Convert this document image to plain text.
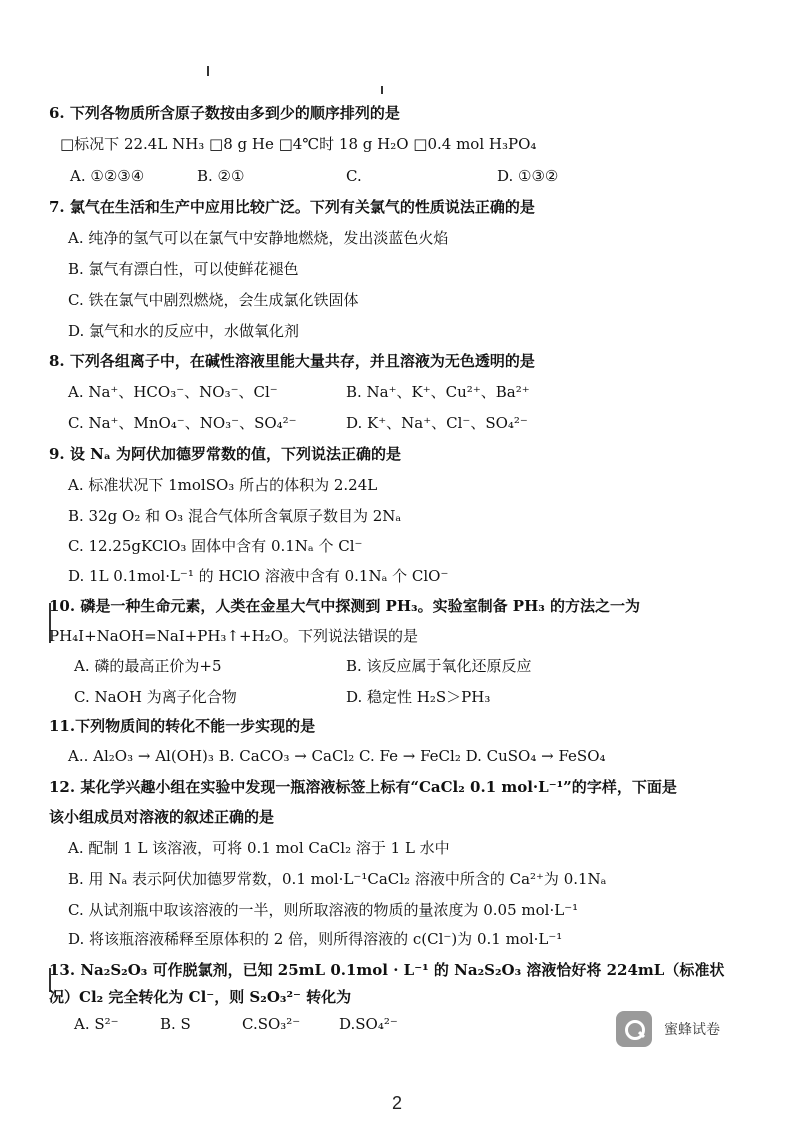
6. 下列各物质所含原子数按由多到少的顺序排列的是
□标况下 22.4L NH₃ □8 g He □4℃时 18 g H₂O □0.4 mol H₃PO₄
A. ①②③④	B. ②①	C.	D. ①③②
7. 氯气在生活和生产中应用比较广泛。下列有关氯气的性质说法正确的是
A. 纯净的氢气可以在氯气中安静地燃烧，发出淡蓝色火焰
B. 氯气有漂白性，可以使鲜花褪色
C. 铁在氯气中剧烈燃烧，会生成氯化铁固体
D. 氯气和水的反应中，水做氧化剂
8. 下列各组离子中，在碱性溶液里能大量共存，并且溶液为无色透明的是
A. Na⁺、HCO₃⁻、NO₃⁻、Cl⁻	B. Na⁺、K⁺、Cu²⁺、Ba²⁺
C. Na⁺、MnO₄⁻、NO₃⁻、SO₄²⁻	D. K⁺、Na⁺、Cl⁻、SO₄²⁻
9. 设 Nₐ 为阿伏加德罗常数的值，下列说法正确的是
A. 标准状况下 1molSO₃ 所占的体积为 2.24L
B. 32g O₂ 和 O₃ 混合气体所含氧原子数目为 2Nₐ
C. 12.25gKClO₃ 固体中含有 0.1Nₐ 个 Cl⁻
D. 1L 0.1mol·L⁻¹ 的 HClO 溶液中含有 0.1Nₐ 个 ClO⁻
10. 磷是一种生命元素，人类在金星大气中探测到 PH₃。实验室制备 PH₃ 的方法之一为
PH₄I+NaOH=NaI+PH₃↑+H₂O。下列说法错误的是
A. 磷的最高正价为+5	B. 该反应属于氧化还原反应
C. NaOH 为离子化合物	D. 稳定性 H₂S＞PH₃
11.下列物质间的转化不能一步实现的是
A.. Al₂O₃ → Al(OH)₃ B. CaCO₃ → CaCl₂ C. Fe → FeCl₂ D. CuSO₄ → FeSO₄
12. 某化学兴趣小组在实验中发现一瓶溶液标签上标有“CaCl₂ 0.1 mol·L⁻¹”的字样，下面是
该小组成员对溶液的叙述正确的是
A. 配制 1 L 该溶液，可将 0.1 mol CaCl₂ 溶于 1 L 水中
B. 用 Nₐ 表示阿伏加德罗常数，0.1 mol·L⁻¹CaCl₂ 溶液中所含的 Ca²⁺为 0.1Nₐ
C. 从试剂瓶中取该溶液的一半，则所取溶液的物质的量浓度为 0.05 mol·L⁻¹
D. 将该瓶溶液稀释至原体积的 2 倍，则所得溶液的 c(Cl⁻)为 0.1 mol·L⁻¹
13. Na₂S₂O₃ 可作脱氯剂，已知 25mL 0.1mol · L⁻¹ 的 Na₂S₂O₃ 溶液恰好将 224mL（标准状
况）Cl₂ 完全转化为 Cl⁻，则 S₂O₃²⁻ 转化为
A. S²⁻	B. S	C.SO₃²⁻	D.SO₄²⁻	蜜蜂试卷
2
